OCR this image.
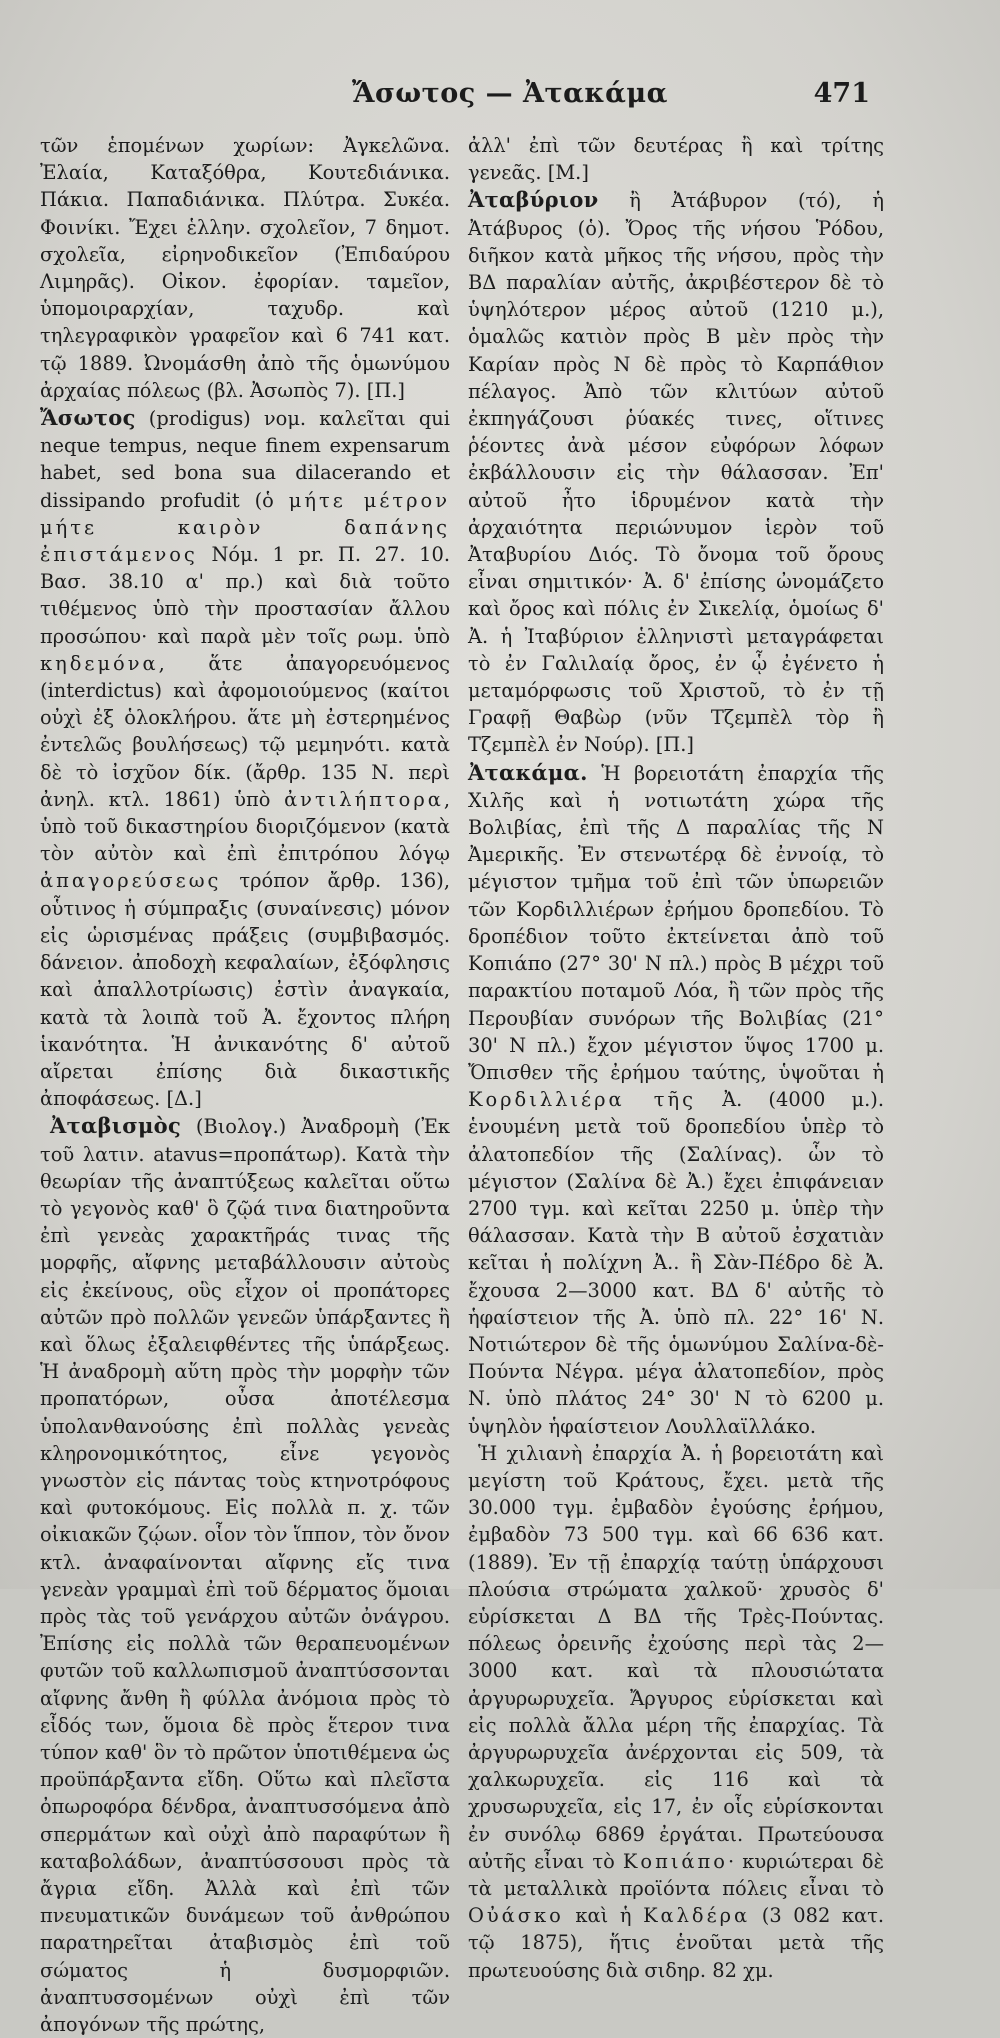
Ἄσωτος — Ἀτακάμα	471

τῶν ἑπομένων χωρίων: Ἀγκελῶνα. Ἐλαία, Καταξόθρα, Κουτεδιάνικα. Πάκια. Παπαδιάνικα. Πλύτρα. Συκέα. Φοινίκι. Ἔχει ἑλλην. σχολεῖον, 7 δημοτ. σχολεῖα, εἰρηνοδικεῖον (Ἐπιδαύρου Λιμηρᾶς). Οἰκον. ἐφορίαν. ταμεῖον, ὑπομοιραρχίαν, ταχυδρ. καὶ τηλεγραφικὸν γραφεῖον καὶ 6 741 κατ. τῷ 1889. Ὠνομάσθη ἀπὸ τῆς ὁμωνύμου ἀρχαίας πόλεως (βλ. Ἀσωπὸς 7). [Π.]

Ἄσωτος (prodigus) νομ. καλεῖται qui neque tempus, neque finem expensarum habet, sed bona sua dilacerando et dissipando profudit (ὁ μήτε μέτρον μήτε καιρὸν δαπάνης ἐπιστάμενος Νόμ. 1 pr. Π. 27. 10. Βασ. 38.10 α' πρ.) καὶ διὰ τοῦτο τιθέμενος ὑπὸ τὴν προστασίαν ἄλλου προσώπου· καὶ παρὰ μὲν τοῖς ρωμ. ὑπὸ κηδεμόνα, ἅτε ἀπαγορευόμενος (interdictus) καὶ ἀφομοιούμενος (καίτοι οὐχὶ ἐξ ὁλοκλήρου. ἅτε μὴ ἐστερημένος ἐντελῶς βουλήσεως) τῷ μεμηνότι. κατὰ δὲ τὸ ἰσχῦον δίκ. (ἄρθρ. 135 Ν. περὶ ἀνηλ. κτλ. 1861) ὑπὸ ἀντιλήπτορα, ὑπὸ τοῦ δικαστηρίου διοριζόμενον (κατὰ τὸν αὐτὸν καὶ ἐπὶ ἐπιτρόπου λόγῳ ἀπαγορεύσεως τρόπον ἄρθρ. 136), οὗτινος ἡ σύμπραξις (συναίνεσις) μόνον εἰς ὡρισμένας πράξεις (συμβιβασμός. δάνειον. ἀποδοχὴ κεφαλαίων, ἐξόφλησις καὶ ἀπαλλοτρίωσις) ἐστὶν ἀναγκαία, κατὰ τὰ λοιπὰ τοῦ Ἀ. ἔχοντος πλήρη ἱκανότητα. Ἡ ἀνικανότης δ' αὐτοῦ αἴρεται ἐπίσης διὰ δικαστικῆς ἀποφάσεως. [Δ.]

Ἀταβισμὸς (Βιολογ.) Ἀναδρομὴ (Ἐκ τοῦ λατιν. atavus=προπάτωρ). Κατὰ τὴν θεωρίαν τῆς ἀναπτύξεως καλεῖται οὕτω τὸ γεγονὸς καθ' ὃ ζῷά τινα διατηροῦντα ἐπὶ γενεὰς χαρακτῆράς τινας τῆς μορφῆς, αἴφνης μεταβάλλουσιν αὐτοὺς εἰς ἐκείνους, οὓς εἶχον οἱ προπάτορες αὐτῶν πρὸ πολλῶν γενεῶν ὑπάρξαντες ἢ καὶ ὅλως ἐξαλειφθέντες τῆς ὑπάρξεως. Ἡ ἀναδρομὴ αὕτη πρὸς τὴν μορφὴν τῶν προπατόρων, οὖσα ἀποτέλεσμα ὑπολανθανούσης ἐπὶ πολλὰς γενεὰς κληρονομικότητος, εἶνε γεγονὸς γνωστὸν εἰς πάντας τοὺς κτηνοτρόφους καὶ φυτοκόμους. Εἰς πολλὰ π. χ. τῶν οἰκιακῶν ζῴων. οἷον τὸν ἵππον, τὸν ὄνον κτλ. ἀναφαίνονται αἴφνης εἴς τινα γενεὰν γραμμαὶ ἐπὶ τοῦ δέρματος ὅμοιαι πρὸς τὰς τοῦ γενάρχου αὐτῶν ὀνάγρου. Ἐπίσης εἰς πολλὰ τῶν θεραπευομένων φυτῶν τοῦ καλλωπισμοῦ ἀναπτύσσονται αἴφνης ἄνθη ἢ φύλλα ἀνόμοια πρὸς τὸ εἶδός των, ὅμοια δὲ πρὸς ἕτερον τινα τύπον καθ' ὃν τὸ πρῶτον ὑποτιθέμενα ὡς προϋπάρξαντα εἴδη. Οὕτω καὶ πλεῖστα ὀπωροφόρα δένδρα, ἀναπτυσσόμενα ἀπὸ σπερμάτων καὶ οὐχὶ ἀπὸ παραφύτων ἢ καταβολάδων, ἀναπτύσσουσι πρὸς τὰ ἄγρια εἴδη. Ἀλλὰ καὶ ἐπὶ τῶν πνευματικῶν δυνάμεων τοῦ ἀνθρώπου παρατηρεῖται ἀταβισμὸς ἐπὶ τοῦ σώματος ἡ δυσμορφιῶν. ἀναπτυσσομένων οὐχὶ ἐπὶ τῶν ἀπογόνων τῆς πρώτης,

ἀλλ' ἐπὶ τῶν δευτέρας ἢ καὶ τρίτης γενεᾶς. [Μ.]

Ἀταβύριον ἢ Ἀτάβυρον (τό), ἡ Ἀτάβυρος (ὁ). Ὄρος τῆς νήσου Ῥόδου, διῆκον κατὰ μῆκος τῆς νήσου, πρὸς τὴν ΒΔ παραλίαν αὐτῆς, ἀκριβέστερον δὲ τὸ ὑψηλότερον μέρος αὐτοῦ (1210 μ.), ὁμαλῶς κατιὸν πρὸς Β μὲν πρὸς τὴν Καρίαν πρὸς Ν δὲ πρὸς τὸ Καρπάθιον πέλαγος. Ἀπὸ τῶν κλιτύων αὐτοῦ ἐκπηγάζουσι ῥύακές τινες, οἵτινες ῥέοντες ἀνὰ μέσον εὐφόρων λόφων ἐκβάλλουσιν εἰς τὴν θάλασσαν. Ἐπ' αὐτοῦ ἦτο ἱδρυμένον κατὰ τὴν ἀρχαιότητα περιώνυμον ἱερὸν τοῦ Ἀταβυρίου Διός. Τὸ ὄνομα τοῦ ὄρους εἶναι σημιτικόν· Ἀ. δ' ἐπίσης ὠνομάζετο καὶ ὄρος καὶ πόλις ἐν Σικελίᾳ, ὁμοίως δ' Ἀ. ἡ Ἰταβύριον ἑλληνιστὶ μεταγράφεται τὸ ἐν Γαλιλαίᾳ ὄρος, ἐν ᾧ ἐγένετο ἡ μεταμόρφωσις τοῦ Χριστοῦ, τὸ ἐν τῇ Γραφῇ Θαβὼρ (νῦν Τζεμπὲλ τὸρ ἢ Τζεμπὲλ ἐν Νούρ). [Π.]

Ἀτακάμα. Ἡ βορειοτάτη ἐπαρχία τῆς Χιλῆς καὶ ἡ νοτιωτάτη χώρα τῆς Βολιβίας, ἐπὶ τῆς Δ παραλίας τῆς Ν Ἀμερικῆς. Ἐν στενωτέρᾳ δὲ ἐννοίᾳ, τὸ μέγιστον τμῆμα τοῦ ἐπὶ τῶν ὑπωρειῶν τῶν Κορδιλλιέρων ἐρήμου δροπεδίου. Τὸ δροπέδιον τοῦτο ἐκτείνεται ἀπὸ τοῦ Κοπιάπο (27° 30' Ν πλ.) πρὸς Β μέχρι τοῦ παρακτίου ποταμοῦ Λόα, ἢ τῶν πρὸς τῆς Περουβίαν συνόρων τῆς Βολιβίας (21° 30' Ν πλ.) ἔχον μέγιστον ὕψος 1700 μ. Ὄπισθεν τῆς ἐρήμου ταύτης, ὑψοῦται ἡ Κορδιλλιέρα τῆς Ἀ. (4000 μ.). ἑνουμένη μετὰ τοῦ δροπεδίου ὑπὲρ τὸ ἀλατοπεδίον τῆς (Σαλίνας). ὧν τὸ μέγιστον (Σαλίνα δὲ Ἀ.) ἔχει ἐπιφάνειαν 2700 τγμ. καὶ κεῖται 2250 μ. ὑπὲρ τὴν θάλασσαν. Κατὰ τὴν Β αὐτοῦ ἐσχατιὰν κεῖται ἡ πολίχνη Ἀ.. ἢ Σὰν-Πέδρο δὲ Ἀ. ἔχουσα 2—3000 κατ. ΒΔ δ' αὐτῆς τὸ ἡφαίστειον τῆς Ἀ. ὑπὸ πλ. 22° 16' Ν. Νοτιώτερον δὲ τῆς ὁμωνύμου Σαλίνα-δὲ-Πούντα Νέγρα. μέγα ἁλατοπεδίον, πρὸς Ν. ὑπὸ πλάτος 24° 30' Ν τὸ 6200 μ. ὑψηλὸν ἡφαίστειον Λουλλαϊλλάκο.

Ἡ χιλιανὴ ἐπαρχία Ἀ. ἡ βορειοτάτη καὶ μεγίστη τοῦ Κράτους, ἔχει. μετὰ τῆς 30.000 τγμ. ἐμβαδὸν ἐγούσης ἐρήμου, ἐμβαδὸν 73 500 τγμ. καὶ 66 636 κατ. (1889). Ἐν τῇ ἐπαρχίᾳ ταύτῃ ὑπάρχουσι πλούσια στρώματα χαλκοῦ· χρυσὸς δ' εὑρίσκεται Δ ΒΔ τῆς Τρὲς-Πούντας. πόλεως ὀρεινῆς ἐχούσης περὶ τὰς 2—3000 κατ. καὶ τὰ πλουσιώτατα ἀργυρωρυχεῖα. Ἄργυρος εὑρίσκεται καὶ εἰς πολλὰ ἄλλα μέρη τῆς ἐπαρχίας. Τὰ ἀργυρωρυχεῖα ἀνέρχονται εἰς 509, τὰ χαλκωρυχεῖα. εἰς 116 καὶ τὰ χρυσωρυχεῖα, εἰς 17, ἐν οἷς εὑρίσκονται ἐν συνόλῳ 6869 ἐργάται. Πρωτεύουσα αὐτῆς εἶναι τὸ Κοπιάπο· κυριώτεραι δὲ τὰ μεταλλικὰ προϊόντα πόλεις εἶναι τὸ Οὐάσκο καὶ ἡ Καλδέρα (3 082 κατ. τῷ 1875), ἥτις ἑνοῦται μετὰ τῆς πρωτευούσης διὰ σιδηρ. 82 χμ.
